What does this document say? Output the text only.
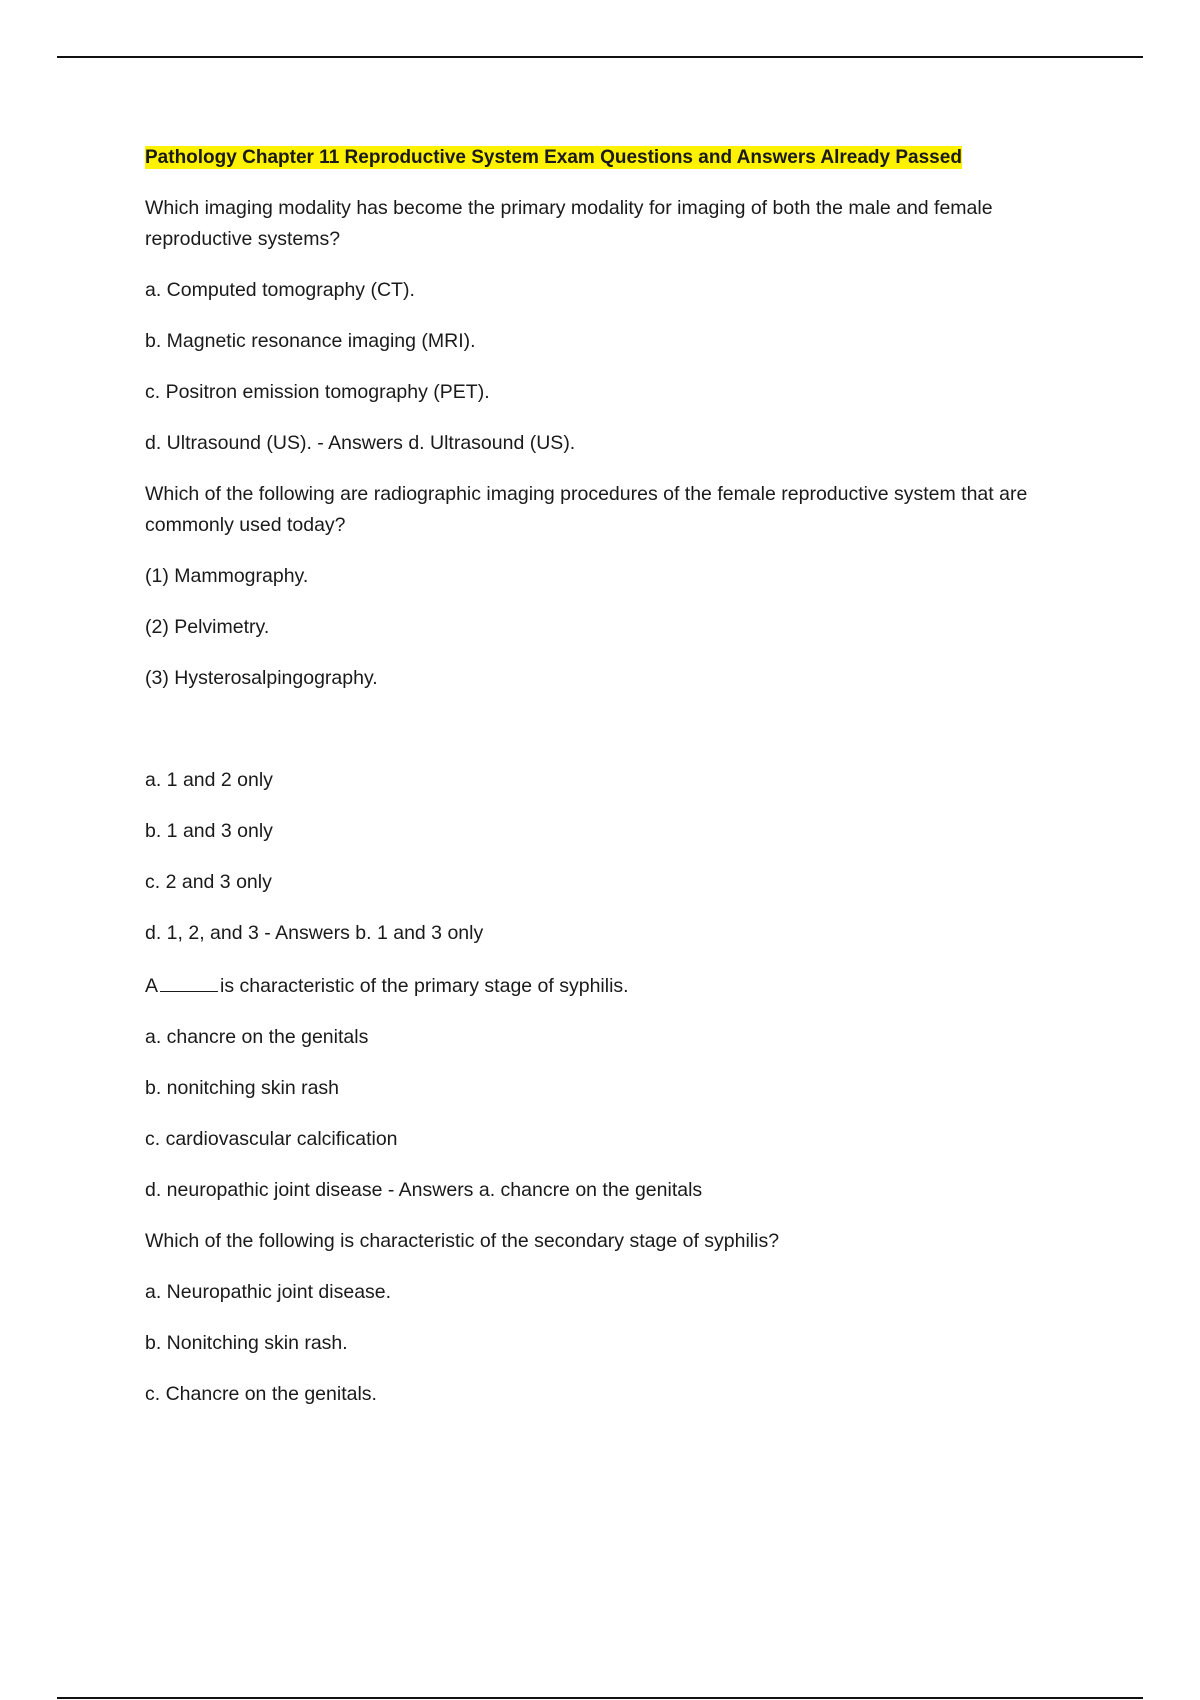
Pathology Chapter 11 Reproductive System Exam Questions and Answers Already Passed
Which imaging modality has become the primary modality for imaging of both the male and female reproductive systems?
a. Computed tomography (CT).
b. Magnetic resonance imaging (MRI).
c. Positron emission tomography (PET).
d. Ultrasound (US). - Answers d. Ultrasound (US).
Which of the following are radiographic imaging procedures of the female reproductive system that are commonly used today?
(1) Mammography.
(2) Pelvimetry.
(3) Hysterosalpingography.
a. 1 and 2 only
b. 1 and 3 only
c. 2 and 3 only
d. 1, 2, and 3 - Answers b. 1 and 3 only
A	is characteristic of the primary stage of syphilis.
a. chancre on the genitals
b. nonitching skin rash
c. cardiovascular calcification
d. neuropathic joint disease - Answers a. chancre on the genitals
Which of the following is characteristic of the secondary stage of syphilis?
a. Neuropathic joint disease.
b. Nonitching skin rash.
c. Chancre on the genitals.
